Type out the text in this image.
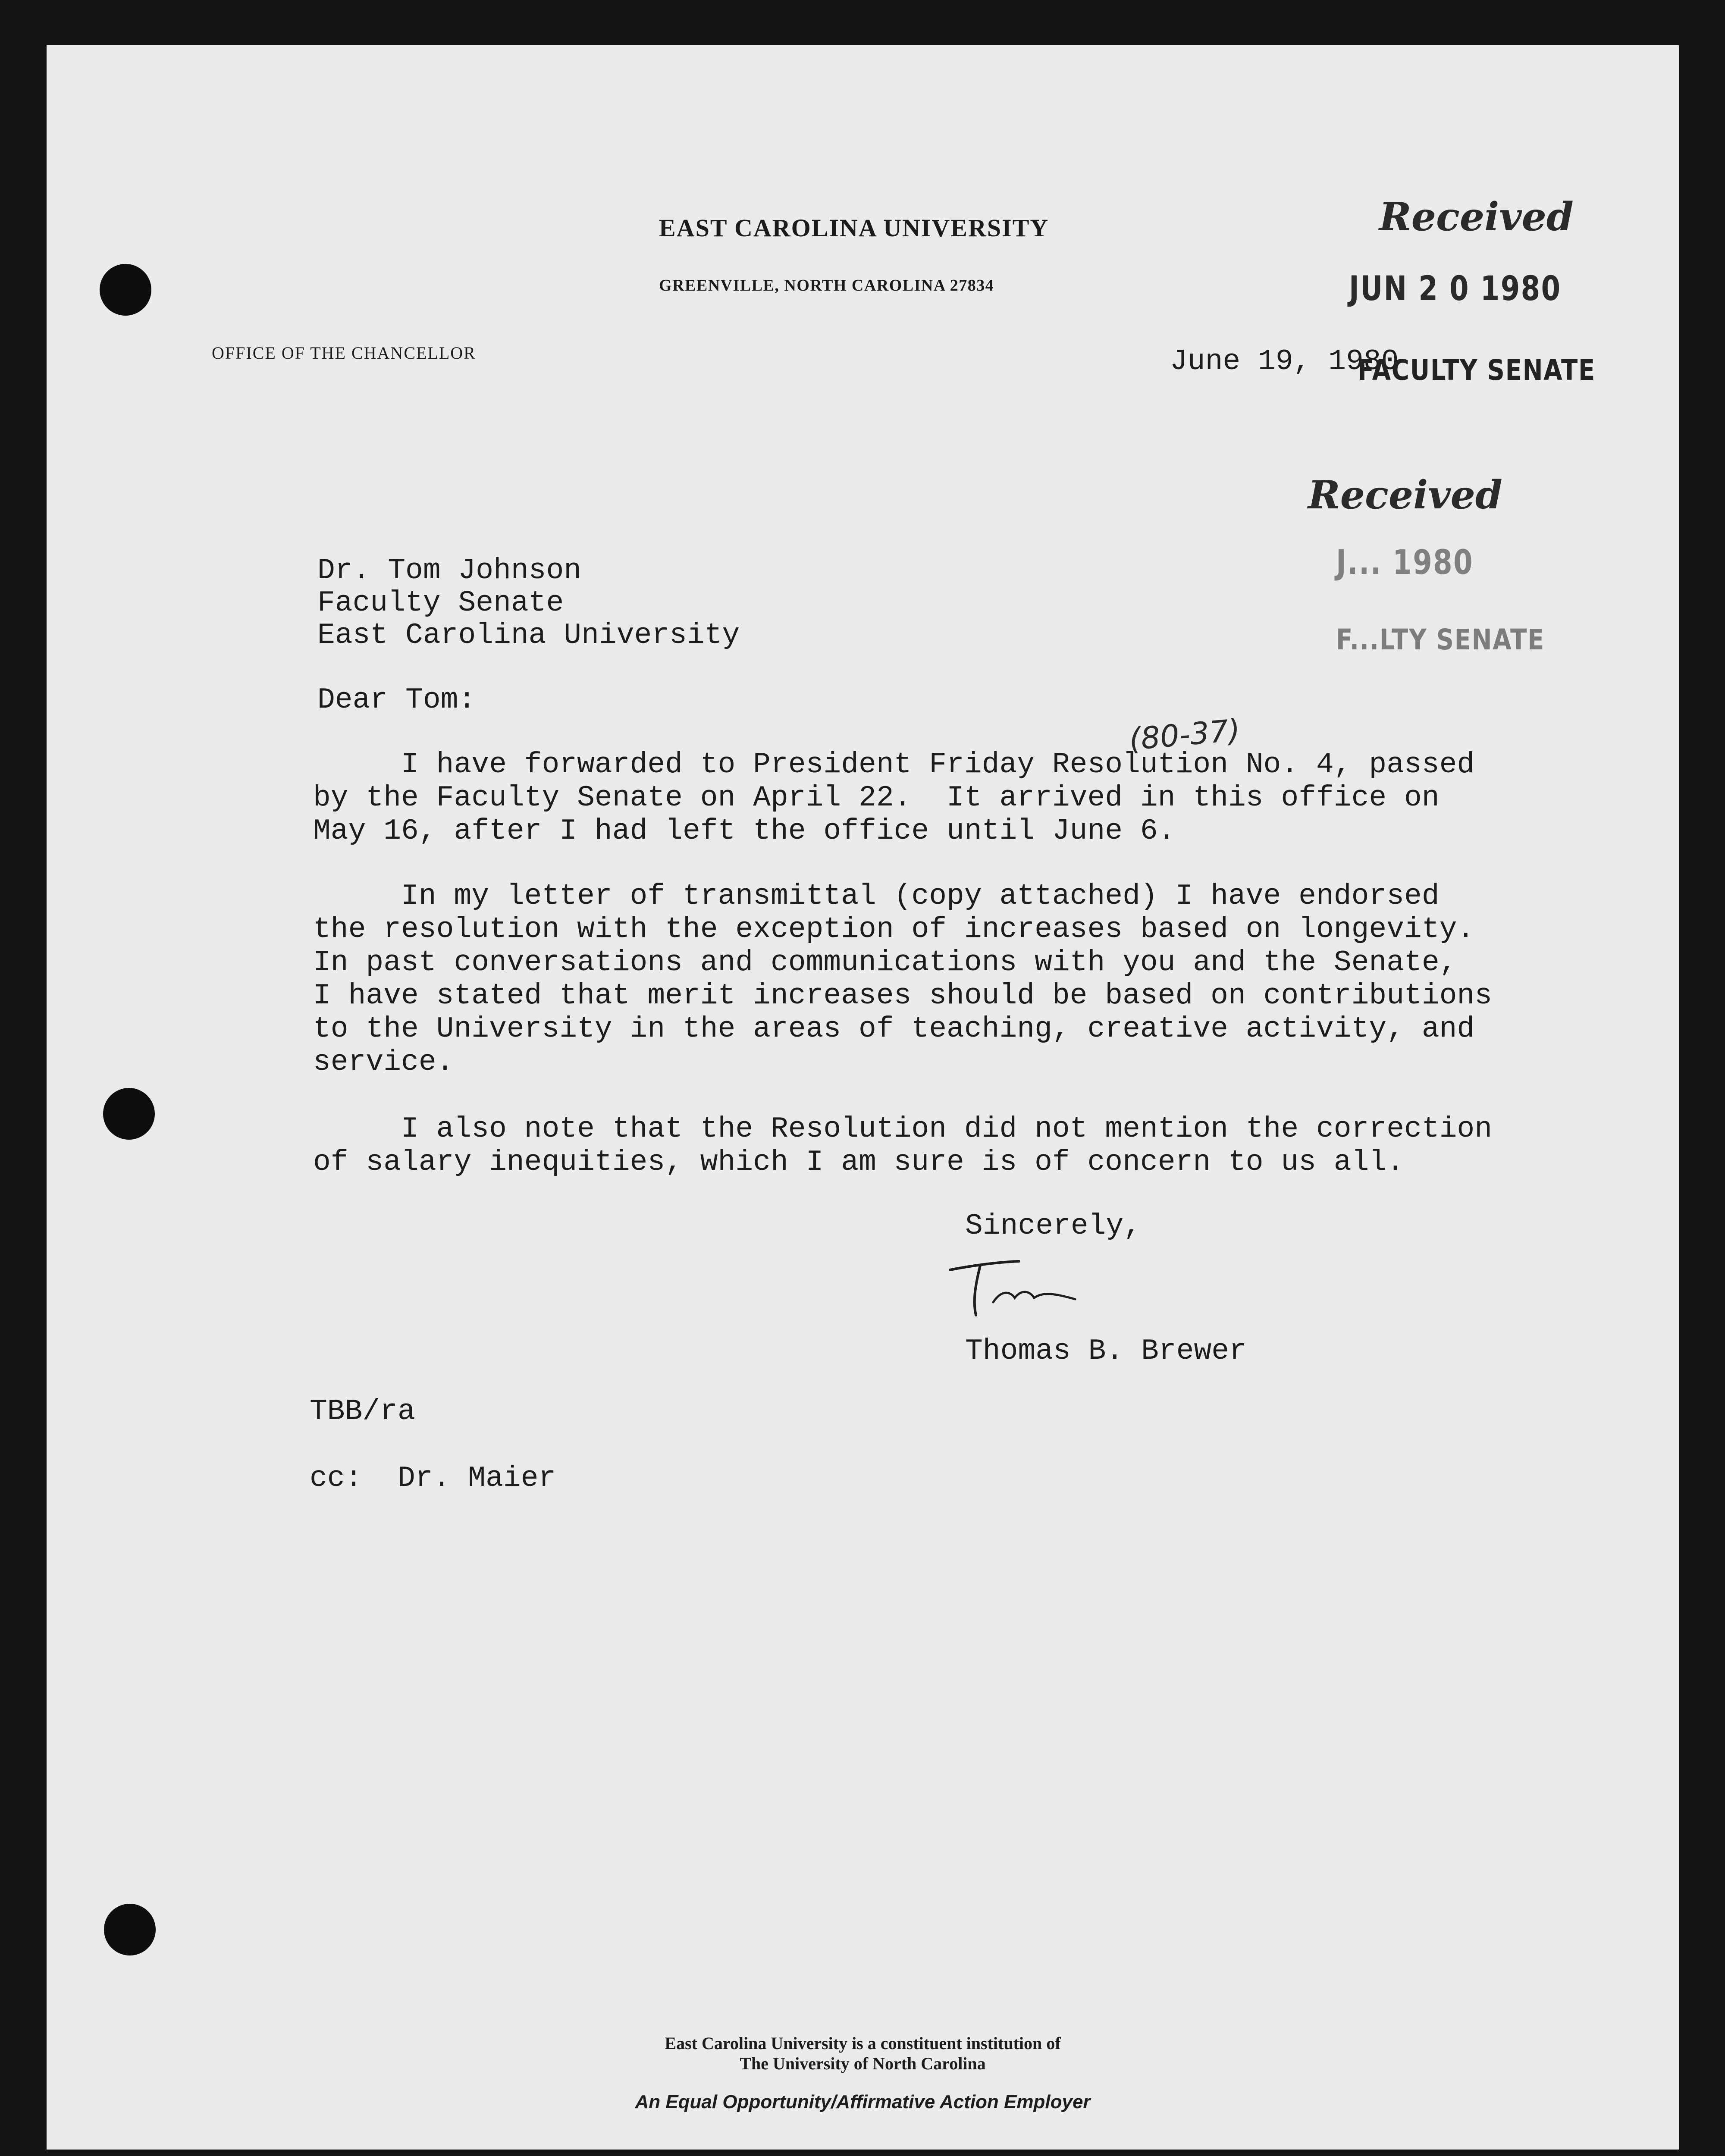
EAST CAROLINA UNIVERSITY
GREENVILLE, NORTH CAROLINA 27834
OFFICE OF THE CHANCELLOR	June 19, 1980
Received
JUN 2 0 1980
FACULTY SENATE
Received
J... 1980
F...LTY SENATE
Dr. Tom Johnson
Faculty Senate
East Carolina University
Dear Tom:
(80-37)
I have forwarded to President Friday Resolution No. 4, passed
by the Faculty Senate on April 22.  It arrived in this office on
May 16, after I had left the office until June 6.
In my letter of transmittal (copy attached) I have endorsed
the resolution with the exception of increases based on longevity.
In past conversations and communications with you and the Senate,
I have stated that merit increases should be based on contributions
to the University in the areas of teaching, creative activity, and
service.
I also note that the Resolution did not mention the correction
of salary inequities, which I am sure is of concern to us all.
Sincerely,
Thomas B. Brewer
TBB/ra
cc:  Dr. Maier
East Carolina University is a constituent institution of
The University of North Carolina
An Equal Opportunity/Affirmative Action Employer
